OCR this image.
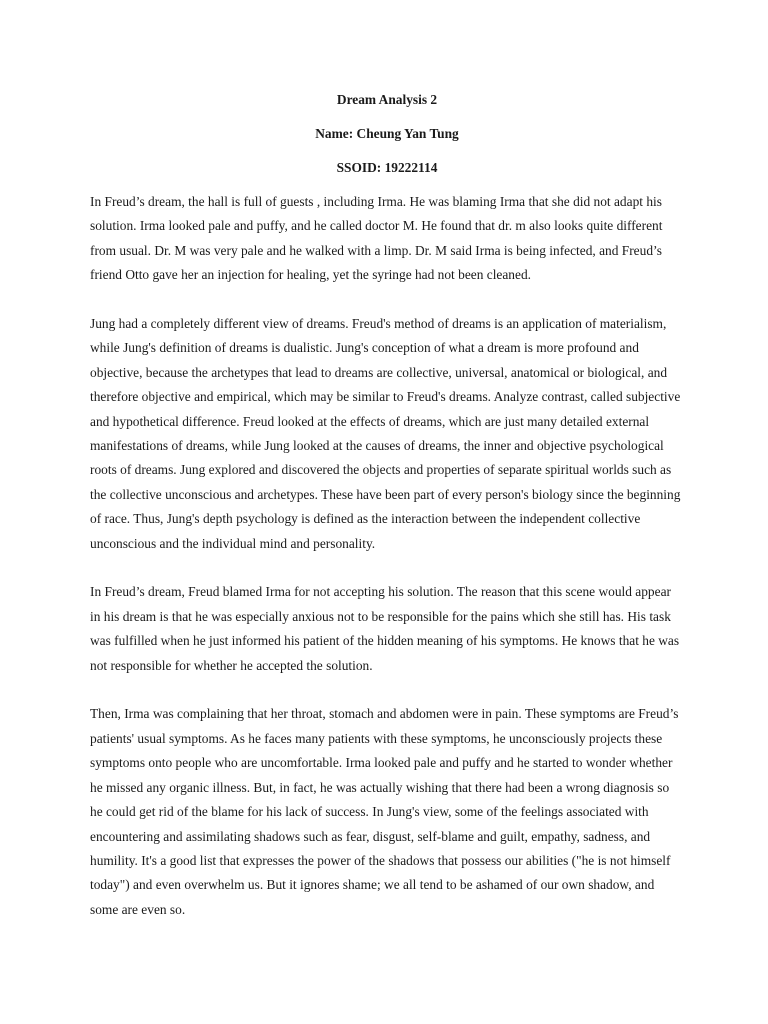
Dream Analysis 2

Name: Cheung Yan Tung

SSOID: 19222114

In Freud’s dream, the hall is full of guests , including Irma. He was blaming Irma that she did not adapt his solution. Irma looked pale and puffy, and he called doctor M. He found that dr. m also looks quite different from usual. Dr. M was very pale and he walked with a limp. Dr. M said Irma is being infected, and Freud’s friend Otto gave her an injection for healing, yet the syringe had not been cleaned.

Jung had a completely different view of dreams. Freud's method of dreams is an application of materialism, while Jung's definition of dreams is dualistic. Jung's conception of what a dream is more profound and objective, because the archetypes that lead to dreams are collective, universal, anatomical or biological, and therefore objective and empirical, which may be similar to Freud's dreams. Analyze contrast, called subjective and hypothetical difference. Freud looked at the effects of dreams, which are just many detailed external manifestations of dreams, while Jung looked at the causes of dreams, the inner and objective psychological roots of dreams. Jung explored and discovered the objects and properties of separate spiritual worlds such as the collective unconscious and archetypes. These have been part of every person's biology since the beginning of race. Thus, Jung's depth psychology is defined as the interaction between the independent collective unconscious and the individual mind and personality.

In Freud’s dream, Freud blamed Irma for not accepting his solution. The reason that this scene would appear in his dream is that he was especially anxious not to be responsible for the pains which she still has. His task was fulfilled when he just informed his patient of the hidden meaning of his symptoms. He knows that he was not responsible for whether he accepted the solution.

Then, Irma was complaining that her throat, stomach and abdomen were in pain. These symptoms are Freud’s patients' usual symptoms. As he faces many patients with these symptoms, he unconsciously projects these symptoms onto people who are uncomfortable. Irma looked pale and puffy and he started to wonder whether he missed any organic illness. But, in fact, he was actually wishing that there had been a wrong diagnosis so he could get rid of the blame for his lack of success. In Jung's view, some of the feelings associated with encountering and assimilating shadows such as fear, disgust, self-blame and guilt, empathy, sadness, and humility. It's a good list that expresses the power of the shadows that possess our abilities ("he is not himself today") and even overwhelm us. But it ignores shame; we all tend to be ashamed of our own shadow, and some are even so.
